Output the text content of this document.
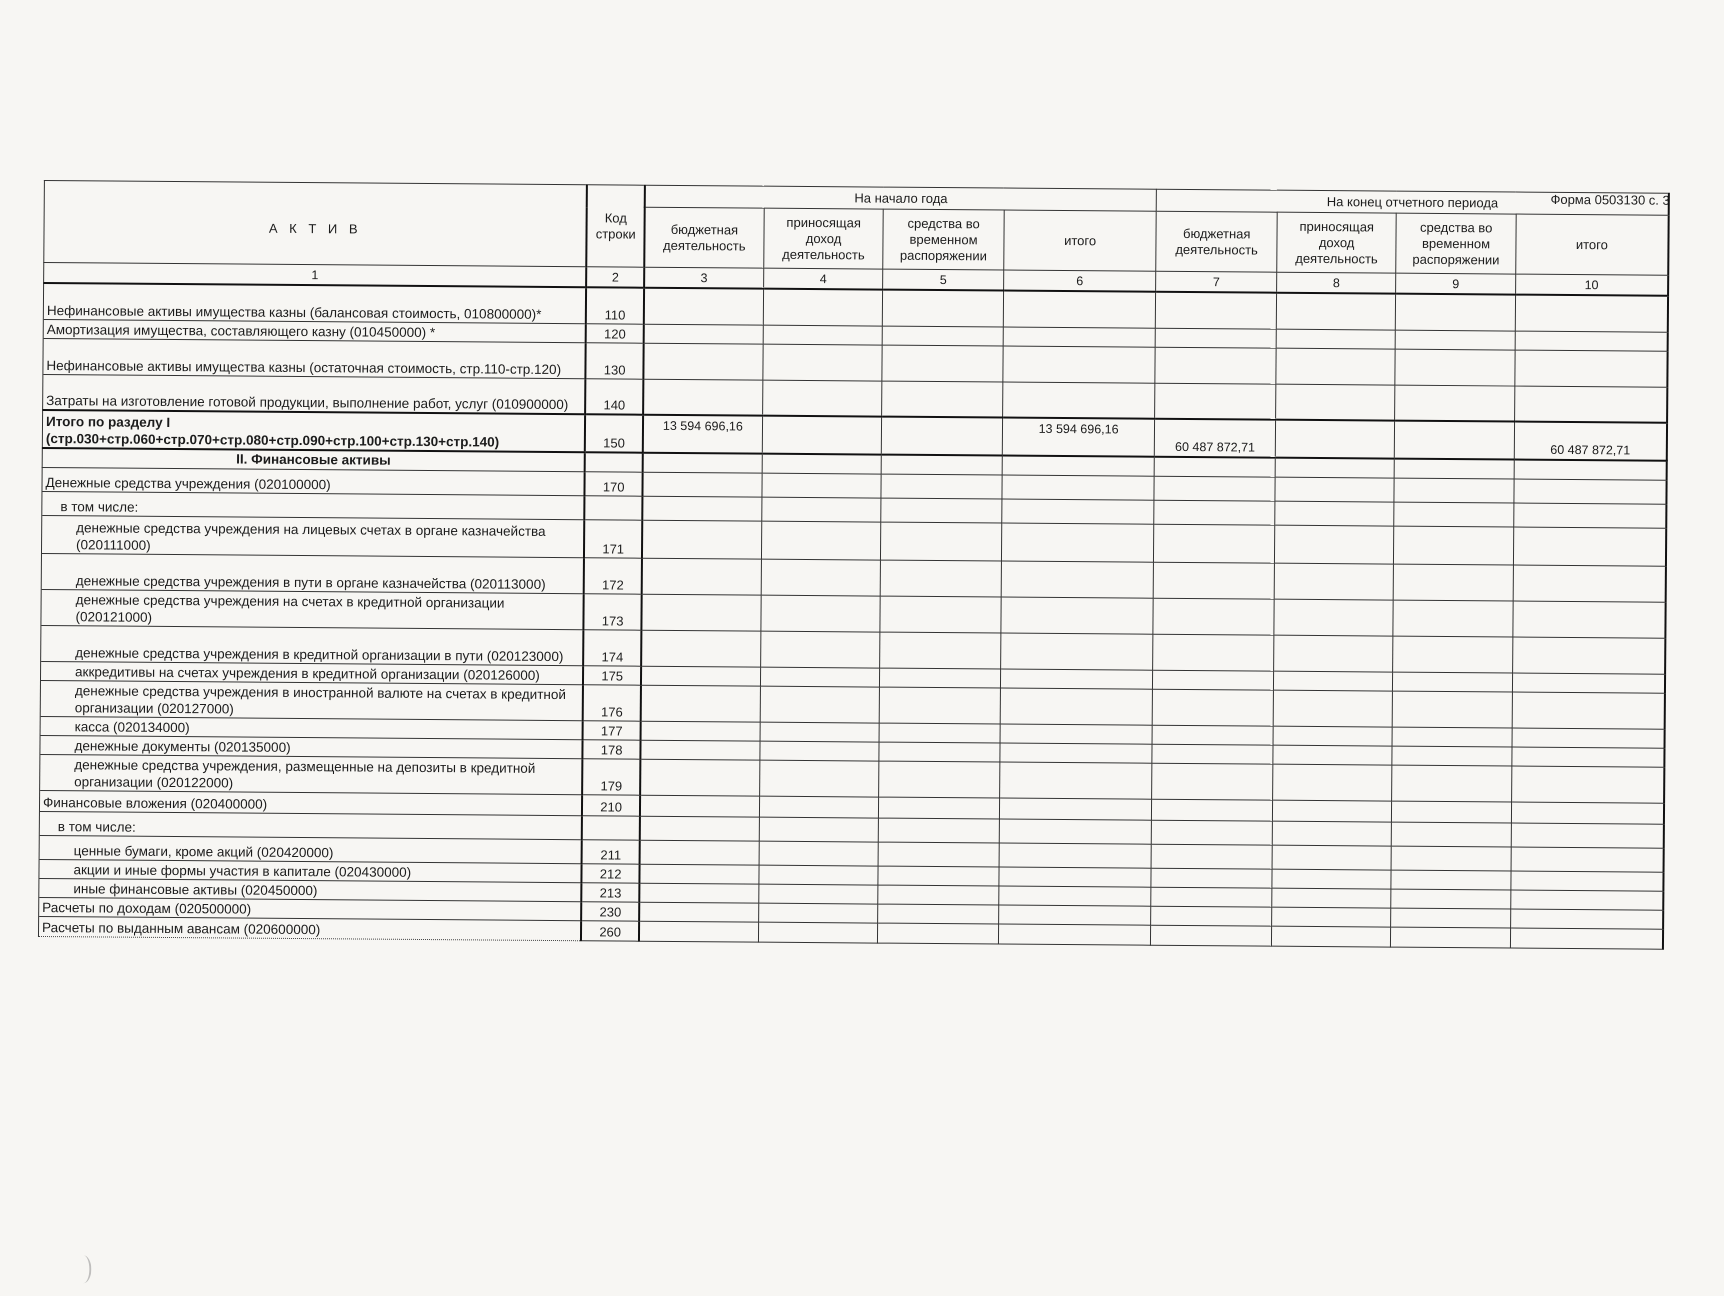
Форма 0503130 с. 3
А К Т И В	Код строки	На начало года				На конец отчетного периода			
		бюджетная деятельность	приносящая доход деятельность	средства во временном распоряжении	итого	бюджетная деятельность	приносящая доход деятельность	средства во временном распоряжении	итого
1	2	3	4	5	6	7	8	9	10
Нефинансовые активы имущества казны (балансовая стоимость, 010800000)*	110								
Амортизация имущества, составляющего казну (010450000) *	120								
Нефинансовые активы имущества казны (остаточная стоимость, стр.110-стр.120)	130								
Затраты на изготовление готовой продукции, выполнение работ, услуг (010900000)	140								
Итого по разделу I (стр.030+стр.060+стр.070+стр.080+стр.090+стр.100+стр.130+стр.140)	150	13 594 696,16			13 594 696,16	60 487 872,71			60 487 872,71
II. Финансовые активы									
Денежные средства учреждения (020100000)	170								
в том числе:									
денежные средства учреждения на лицевых счетах в органе казначейства (020111000)	171								
денежные средства учреждения в пути в органе казначейства (020113000)	172								
денежные средства учреждения на счетах в кредитной организации (020121000)	173								
денежные средства учреждения в кредитной организации в пути (020123000)	174								
аккредитивы на счетах учреждения в кредитной организации (020126000)	175								
денежные средства учреждения в иностранной валюте на счетах в кредитной организации (020127000)	176								
касса (020134000)	177								
денежные документы (020135000)	178								
денежные средства учреждения, размещенные на депозиты в кредитной организации (020122000)	179								
Финансовые вложения (020400000)	210								
в том числе:									
ценные бумаги, кроме акций (020420000)	211								
акции и иные формы участия в капитале (020430000)	212								
иные финансовые активы (020450000)	213								
Расчеты по доходам (020500000)	230								
Расчеты по выданным авансам (020600000)	260								
